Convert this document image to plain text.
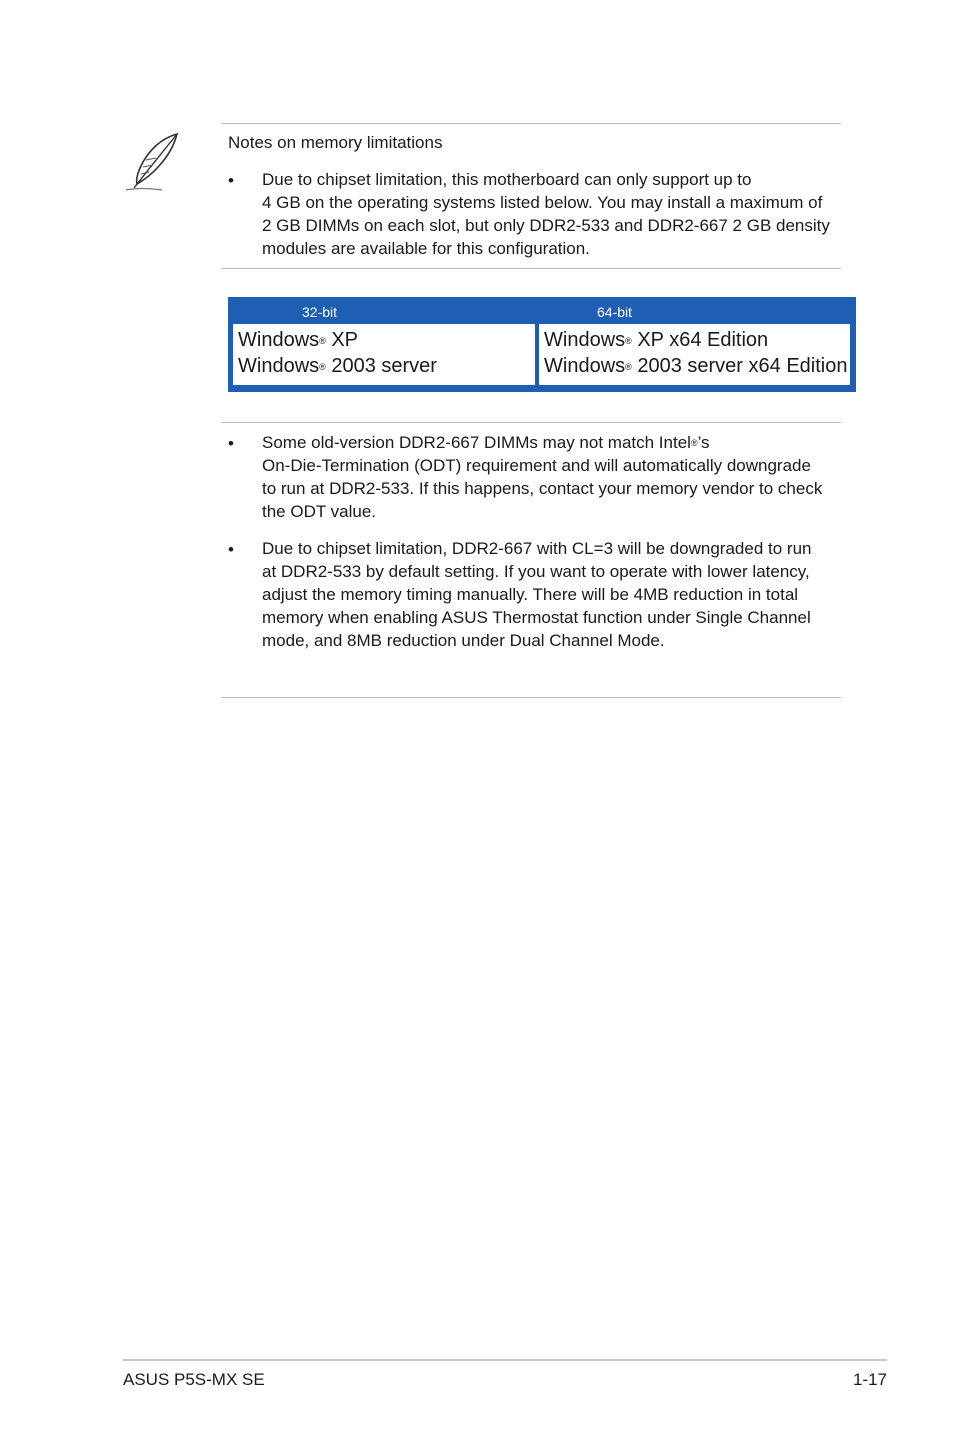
Notes on memory limitations
• Due to chipset limitation, this motherboard can only support up to

4 GB on the operating systems listed below. You may install a maximum of

2 GB DIMMs on each slot, but only DDR2-533 and DDR2-667 2 GB density

modules are available for this configuration.

32-bit	64-bit
Windows® XP
Windows® 2003 server
Windows® XP x64 Edition
Windows® 2003 server x64 Edition
• Some old-version DDR2-667 DIMMs may not match Intel®’s

On-Die-Termination (ODT) requirement and will automatically downgrade

to run at DDR2-533. If this happens, contact your memory vendor to check

the ODT value.

• Due to chipset limitation, DDR2-667 with CL=3 will be downgraded to run

at DDR2-533 by default setting. If you want to operate with lower latency,

adjust the memory timing manually. There will be 4MB reduction in total

memory when enabling ASUS Thermostat function under Single Channel

mode, and 8MB reduction under Dual Channel Mode.

ASUS P5S-MX SE	1-17
